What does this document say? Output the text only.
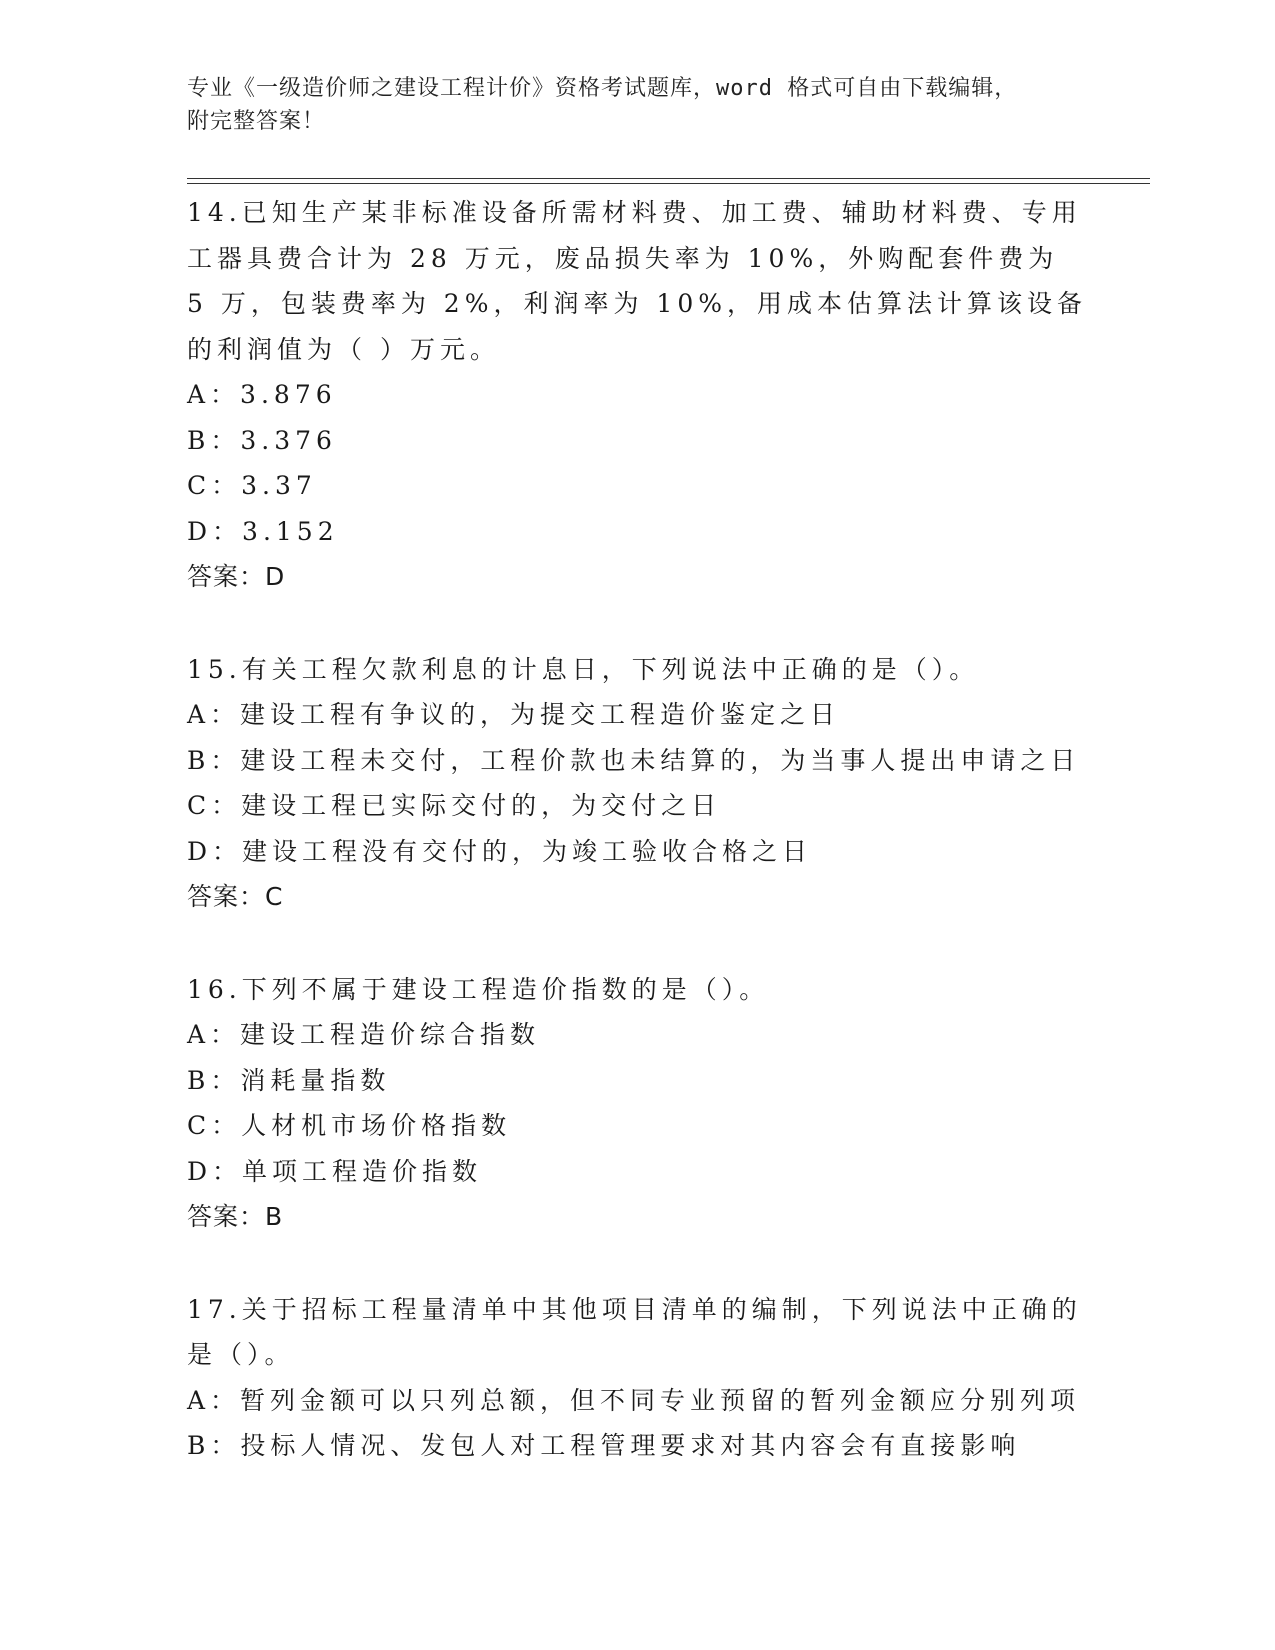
专业《一级造价师之建设工程计价》资格考试题库，word 格式可自由下载编辑，
附完整答案！

14.已知生产某非标准设备所需材料费、加工费、辅助材料费、专用工器具费合计为 28 万元，废品损失率为 10%，外购配套件费为 5 万，包装费率为 2%，利润率为 10%，用成本估算法计算该设备的利润值为（ ）万元。

A：3.876
B：3.376
C：3.37
D：3.152
答案：D

15.有关工程欠款利息的计息日，下列说法中正确的是（）。

A：建设工程有争议的，为提交工程造价鉴定之日
B：建设工程未交付，工程价款也未结算的，为当事人提出申请之日
C：建设工程已实际交付的，为交付之日
D：建设工程没有交付的，为竣工验收合格之日
答案：C

16.下列不属于建设工程造价指数的是（）。

A：建设工程造价综合指数
B：消耗量指数
C：人材机市场价格指数
D：单项工程造价指数
答案：B

17.关于招标工程量清单中其他项目清单的编制，下列说法中正确的是（）。

A：暂列金额可以只列总额，但不同专业预留的暂列金额应分别列项
B：投标人情况、发包人对工程管理要求对其内容会有直接影响
